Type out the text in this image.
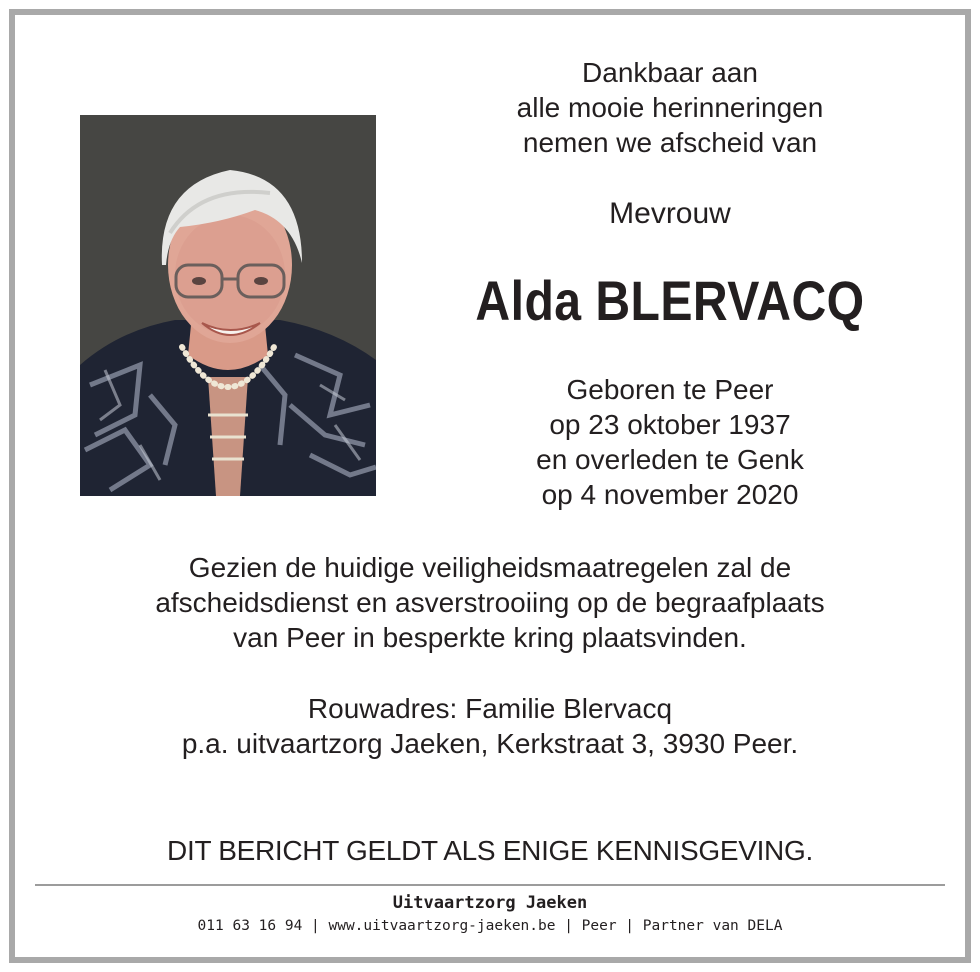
Dankbaar aan
alle mooie herinneringen
nemen we afscheid van
Mevrouw
Alda BLERVACQ
Geboren te Peer
op 23 oktober 1937
en overleden te Genk
op 4 november 2020
Gezien de huidige veiligheidsmaatregelen zal de
afscheidsdienst en asverstrooiing op de begraafplaats
van Peer in besperkte kring plaatsvinden.
Rouwadres: Familie Blervacq
p.a. uitvaartzorg Jaeken, Kerkstraat 3, 3930 Peer.
DIT BERICHT GELDT ALS ENIGE KENNISGEVING.
Uitvaartzorg Jaeken
011 63 16 94 | www.uitvaartzorg-jaeken.be | Peer | Partner van DELA
